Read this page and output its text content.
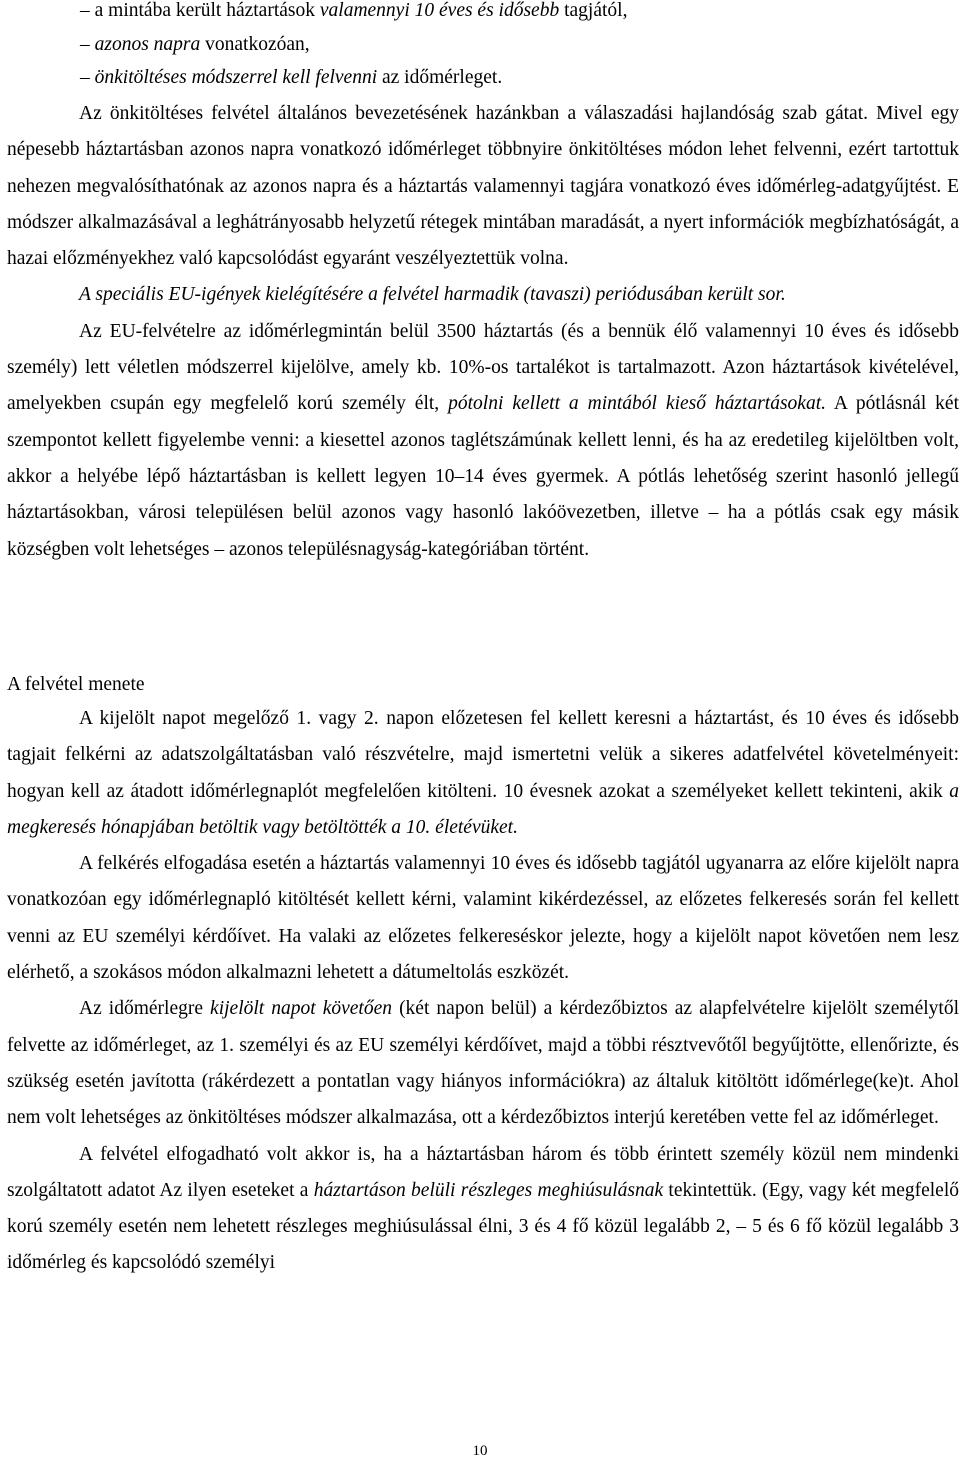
– a mintába került háztartások valamennyi 10 éves és idősebb tagjától,
– azonos napra vonatkozóan,
– önkitöltéses módszerrel kell felvenni az időmérleget.

Az önkitöltéses felvétel általános bevezetésének hazánkban a válaszadási hajlandóság szab gátat. Mivel egy népesebb háztartásban azonos napra vonatkozó időmérleget többnyire önkitöltéses módon lehet felvenni, ezért tartottuk nehezen megvalósíthatónak az azonos napra és a háztartás valamennyi tagjára vonatkozó éves időmérleg-adatgyűjtést. E módszer alkalmazásával a leghátrányosabb helyzetű rétegek mintában maradását, a nyert információk megbízhatóságát, a hazai előzményekhez való kapcsolódást egyaránt veszélyeztettük volna.

A speciális EU-igények kielégítésére a felvétel harmadik (tavaszi) periódusában került sor.

Az EU-felvételre az időmérlegmintán belül 3500 háztartás (és a bennük élő valamennyi 10 éves és idősebb személy) lett véletlen módszerrel kijelölve, amely kb. 10%-os tartalékot is tartalmazott. Azon háztartások kivételével, amelyekben csupán egy megfelelő korú személy élt, pótolni kellett a mintából kieső háztartásokat. A pótlásnál két szempontot kellett figyelembe venni: a kiesettel azonos taglétszámúnak kellett lenni, és ha az eredetileg kijelöltben volt, akkor a helyébe lépő háztartásban is kellett legyen 10–14 éves gyermek. A pótlás lehetőség szerint hasonló jellegű háztartásokban, városi településen belül azonos vagy hasonló lakóövezetben, illetve – ha a pótlás csak egy másik községben volt lehetséges – azonos településnagyság-kategóriában történt.

A felvétel menete

A kijelölt napot megelőző 1. vagy 2. napon előzetesen fel kellett keresni a háztartást, és 10 éves és idősebb tagjait felkérni az adatszolgáltatásban való részvételre, majd ismertetni velük a sikeres adatfelvétel követelményeit: hogyan kell az átadott időmérlegnaplót megfelelően kitölteni. 10 évesnek azokat a személyeket kellett tekinteni, akik a megkeresés hónapjában betöltik vagy betöltötték a 10. életévüket.

A felkérés elfogadása esetén a háztartás valamennyi 10 éves és idősebb tagjától ugyanarra az előre kijelölt napra vonatkozóan egy időmérlegnapló kitöltését kellett kérni, valamint kikérdezéssel, az előzetes felkeresés során fel kellett venni az EU személyi kérdőívet. Ha valaki az előzetes felkereséskor jelezte, hogy a kijelölt napot követően nem lesz elérhető, a szokásos módon alkalmazni lehetett a dátumeltolás eszközét.

Az időmérlegre kijelölt napot követően (két napon belül) a kérdezőbiztos az alapfelvételre kijelölt személytől felvette az időmérleget, az 1. személyi és az EU személyi kérdőívet, majd a többi résztvevőtől begyűjtötte, ellenőrizte, és szükség esetén javította (rákérdezett a pontatlan vagy hiányos információkra) az általuk kitöltött időmérlege(ke)t. Ahol nem volt lehetséges az önkitöltéses módszer alkalmazása, ott a kérdezőbiztos interjú keretében vette fel az időmérleget.

A felvétel elfogadható volt akkor is, ha a háztartásban három és több érintett személy közül nem mindenki szolgáltatott adatot Az ilyen eseteket a háztartáson belüli részleges meghiúsulásnak tekintettük. (Egy, vagy két megfelelő korú személy esetén nem lehetett részleges meghiúsulással élni, 3 és 4 fő közül legalább 2, – 5 és 6 fő közül legalább 3 időmérleg és kapcsolódó személyi

10
